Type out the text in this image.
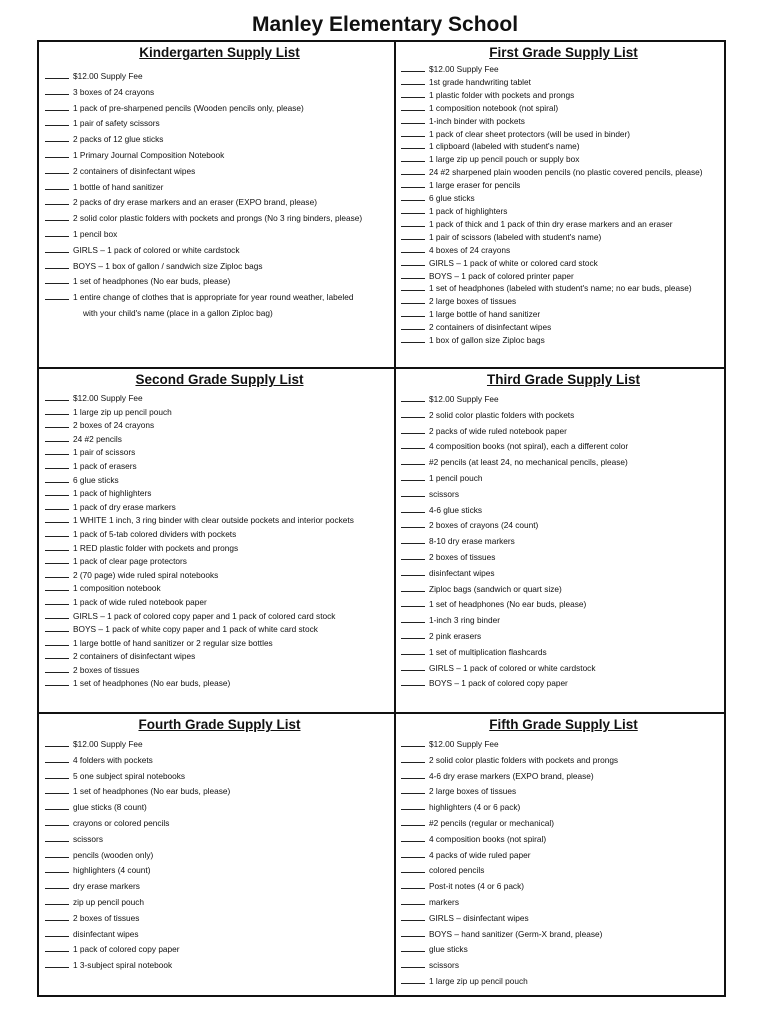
Manley Elementary School
Kindergarten Supply List
$12.00 Supply Fee
3 boxes of 24 crayons
1 pack of pre-sharpened pencils (Wooden pencils only, please)
1 pair of safety scissors
2 packs of 12 glue sticks
1 Primary Journal Composition Notebook
2 containers of disinfectant wipes
1 bottle of hand sanitizer
2 packs of dry erase markers and an eraser (EXPO brand, please)
2 solid color plastic folders with pockets and prongs (No 3 ring binders, please)
1 pencil box
GIRLS – 1 pack of colored or white cardstock
BOYS – 1 box of gallon / sandwich size Ziploc bags
1 set of headphones (No ear buds, please)
1 entire change of clothes that is appropriate for year round weather, labeled
with your child's name (place in a gallon Ziploc bag)
First Grade Supply List
$12.00 Supply Fee
1st grade handwriting tablet
1 plastic folder with pockets and prongs
1 composition notebook (not spiral)
1-inch binder with pockets
1 pack of clear sheet protectors (will be used in binder)
1 clipboard (labeled with student's name)
1 large zip up pencil pouch or supply box
24 #2 sharpened plain wooden pencils (no plastic covered pencils, please)
1 large eraser for pencils
6 glue sticks
1 pack of highlighters
1 pack of thick and 1 pack of thin dry erase markers and an eraser
1 pair of scissors (labeled with student's name)
4 boxes of 24 crayons
GIRLS – 1 pack of white or colored card stock
BOYS – 1 pack of colored printer paper
1 set of headphones (labeled with student's name; no ear buds, please)
2 large boxes of tissues
1 large bottle of hand sanitizer
2 containers of disinfectant wipes
1 box of gallon size Ziploc bags
Second Grade Supply List
$12.00 Supply Fee
1 large zip up pencil pouch
2 boxes of 24 crayons
24 #2 pencils
1 pair of scissors
1 pack of erasers
6 glue sticks
1 pack of highlighters
1 pack of dry erase markers
1 WHITE 1 inch, 3 ring binder with clear outside pockets and interior pockets
1 pack of 5-tab colored dividers with pockets
1 RED plastic folder with pockets and prongs
1 pack of clear page protectors
2 (70 page) wide ruled spiral notebooks
1 composition notebook
1 pack of wide ruled notebook paper
GIRLS – 1 pack of colored copy paper and 1 pack of colored card stock
BOYS – 1 pack of white copy paper and 1 pack of white card stock
1 large bottle of hand sanitizer or 2 regular size bottles
2 containers of disinfectant wipes
2 boxes of tissues
1 set of headphones (No ear buds, please)
Third Grade Supply List
$12.00 Supply Fee
2 solid color plastic folders with pockets
2 packs of wide ruled notebook paper
4 composition books (not spiral), each a different color
#2 pencils (at least 24, no mechanical pencils, please)
1 pencil pouch
scissors
4-6 glue sticks
2 boxes of crayons (24 count)
8-10 dry erase markers
2 boxes of tissues
disinfectant wipes
Ziploc bags (sandwich or quart size)
1 set of headphones (No ear buds, please)
1-inch 3 ring binder
2 pink erasers
1 set of multiplication flashcards
GIRLS – 1 pack of colored or white cardstock
BOYS – 1 pack of colored copy paper
Fourth Grade Supply List
$12.00 Supply Fee
4 folders with pockets
5 one subject spiral notebooks
1 set of headphones (No ear buds, please)
glue sticks (8 count)
crayons or colored pencils
scissors
pencils (wooden only)
highlighters (4 count)
dry erase markers
zip up pencil pouch
2 boxes of tissues
disinfectant wipes
1 pack of colored copy paper
1 3-subject spiral notebook
Fifth Grade Supply List
$12.00 Supply Fee
2 solid color plastic folders with pockets and prongs
4-6 dry erase markers (EXPO brand, please)
2 large boxes of tissues
highlighters (4 or 6 pack)
#2 pencils (regular or mechanical)
4 composition books (not spiral)
4 packs of wide ruled paper
colored pencils
Post-it notes (4 or 6 pack)
markers
GIRLS – disinfectant wipes
BOYS – hand sanitizer (Germ-X brand, please)
glue sticks
scissors
1 large zip up pencil pouch
